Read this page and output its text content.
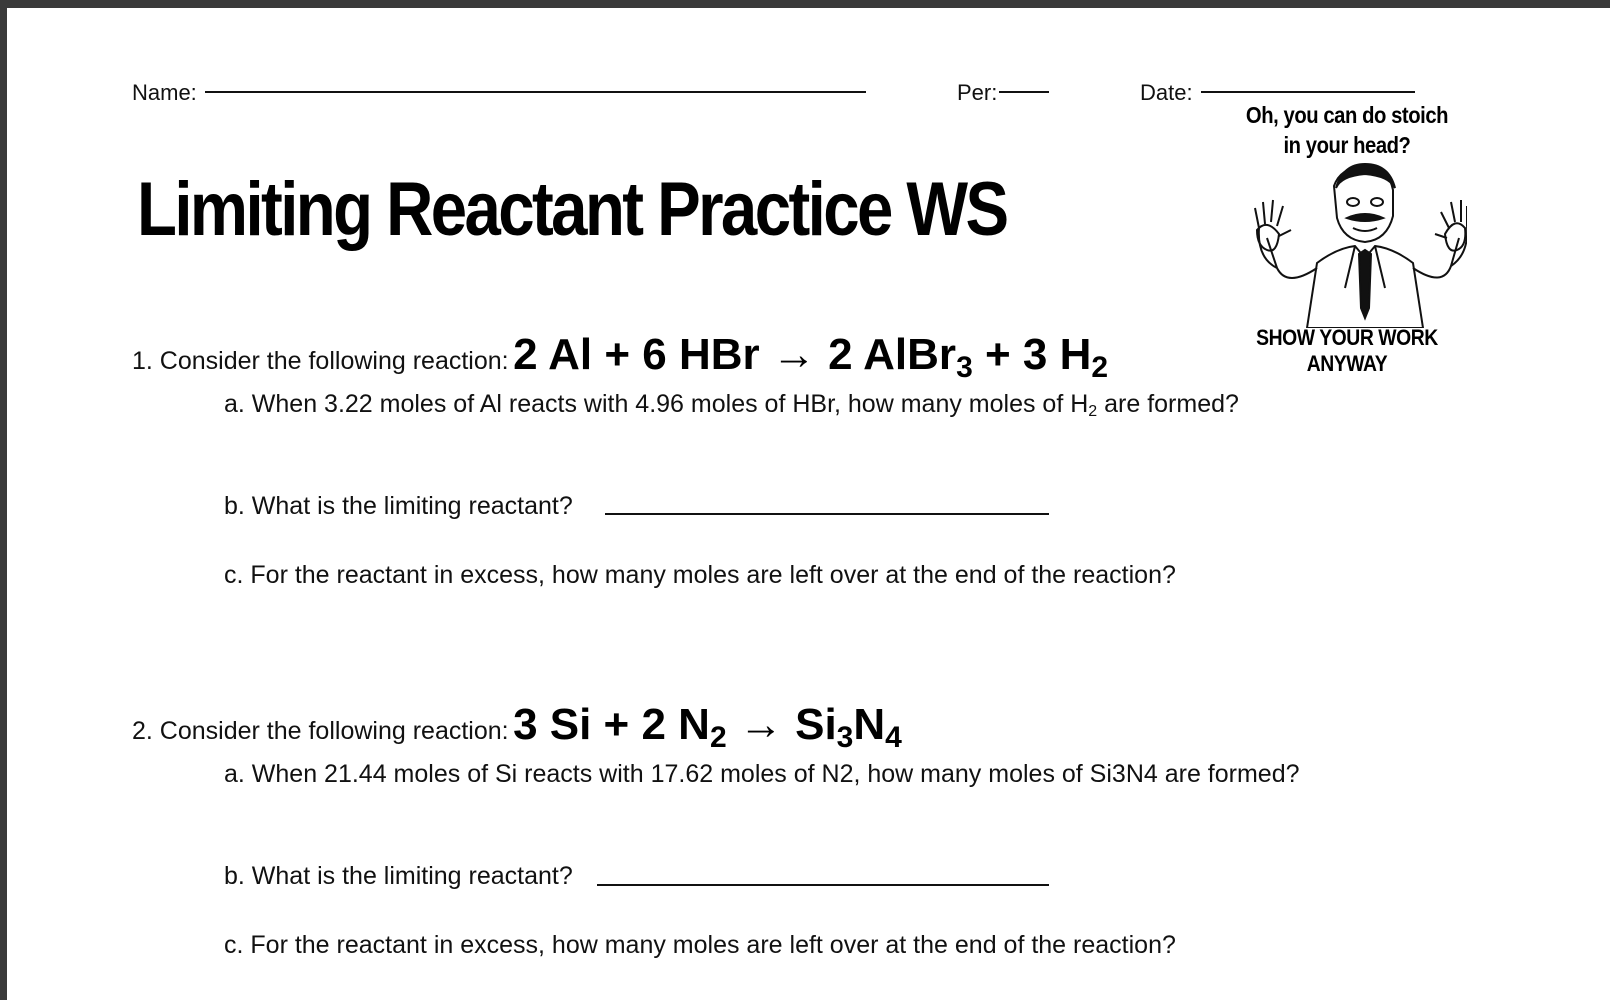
Name:	Per:	Date:
Limiting Reactant Practice WS
Oh, you can do stoich in your head?
SHOW YOUR WORK ANYWAY
1. Consider the following reaction: 2 Al + 6 HBr → 2 AlBr$_3$ + 3 $H_2$
a. When 3.22 moles of Al reacts with 4.96 moles of HBr, how many moles of $H_2$ are formed?
b. What is the limiting reactant?
c. For the reactant in excess, how many moles are left over at the end of the reaction?
2. Consider the following reaction: 3 Si + 2 $N_2 \to Si_3N_4$
a. When 21.44 moles of Si reacts with 17.62 moles of N2, how many moles of Si3N4 are formed?
b. What is the limiting reactant?
c. For the reactant in excess, how many moles are left over at the end of the reaction?
